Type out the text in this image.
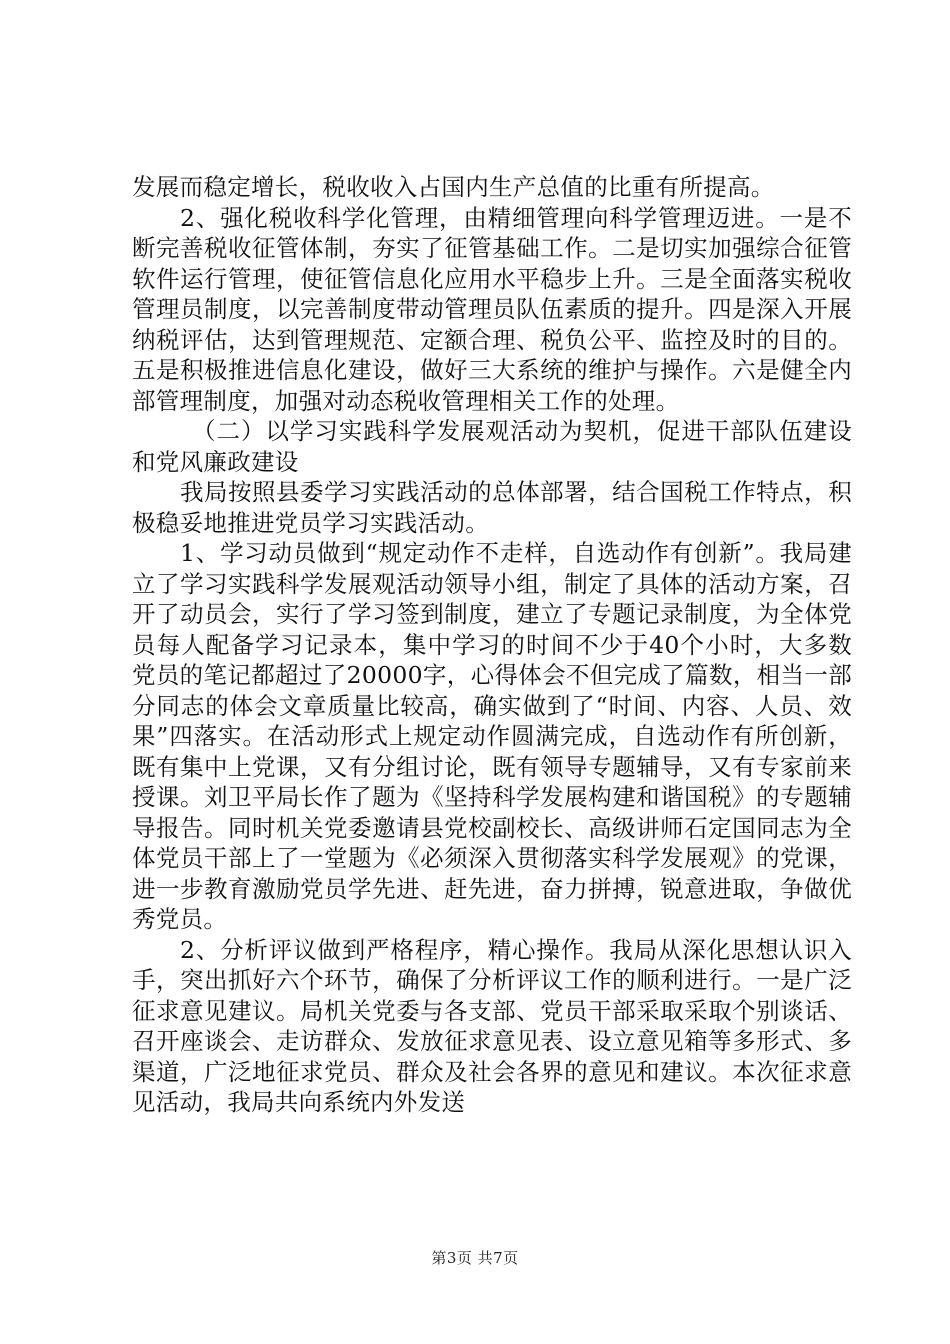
发展而稳定增长，税收收入占国内生产总值的比重有所提高。

2、强化税收科学化管理，由精细管理向科学管理迈进。一是不断完善税收征管体制，夯实了征管基础工作。二是切实加强综合征管软件运行管理，使征管信息化应用水平稳步上升。三是全面落实税收管理员制度，以完善制度带动管理员队伍素质的提升。四是深入开展纳税评估，达到管理规范、定额合理、税负公平、监控及时的目的。五是积极推进信息化建设，做好三大系统的维护与操作。六是健全内部管理制度，加强对动态税收管理相关工作的处理。

（二）以学习实践科学发展观活动为契机，促进干部队伍建设和党风廉政建设

我局按照县委学习实践活动的总体部署，结合国税工作特点，积极稳妥地推进党员学习实践活动。

1、学习动员做到“规定动作不走样，自选动作有创新”。我局建立了学习实践科学发展观活动领导小组，制定了具体的活动方案，召开了动员会，实行了学习签到制度，建立了专题记录制度，为全体党员每人配备学习记录本，集中学习的时间不少于40个小时，大多数党员的笔记都超过了20000字，心得体会不但完成了篇数，相当一部分同志的体会文章质量比较高，确实做到了“时间、内容、人员、效果”四落实。在活动形式上规定动作圆满完成，自选动作有所创新，既有集中上党课，又有分组讨论，既有领导专题辅导，又有专家前来授课。刘卫平局长作了题为《坚持科学发展构建和谐国税》的专题辅导报告。同时机关党委邀请县党校副校长、高级讲师石定国同志为全体党员干部上了一堂题为《必须深入贯彻落实科学发展观》的党课，进一步教育激励党员学先进、赶先进，奋力拼搏，锐意进取，争做优秀党员。

2、分析评议做到严格程序，精心操作。我局从深化思想认识入手，突出抓好六个环节，确保了分析评议工作的顺利进行。一是广泛征求意见建议。局机关党委与各支部、党员干部采取采取个别谈话、召开座谈会、走访群众、发放征求意见表、设立意见箱等多形式、多渠道，广泛地征求党员、群众及社会各界的意见和建议。本次征求意见活动，我局共向系统内外发送

第3页 共7页
